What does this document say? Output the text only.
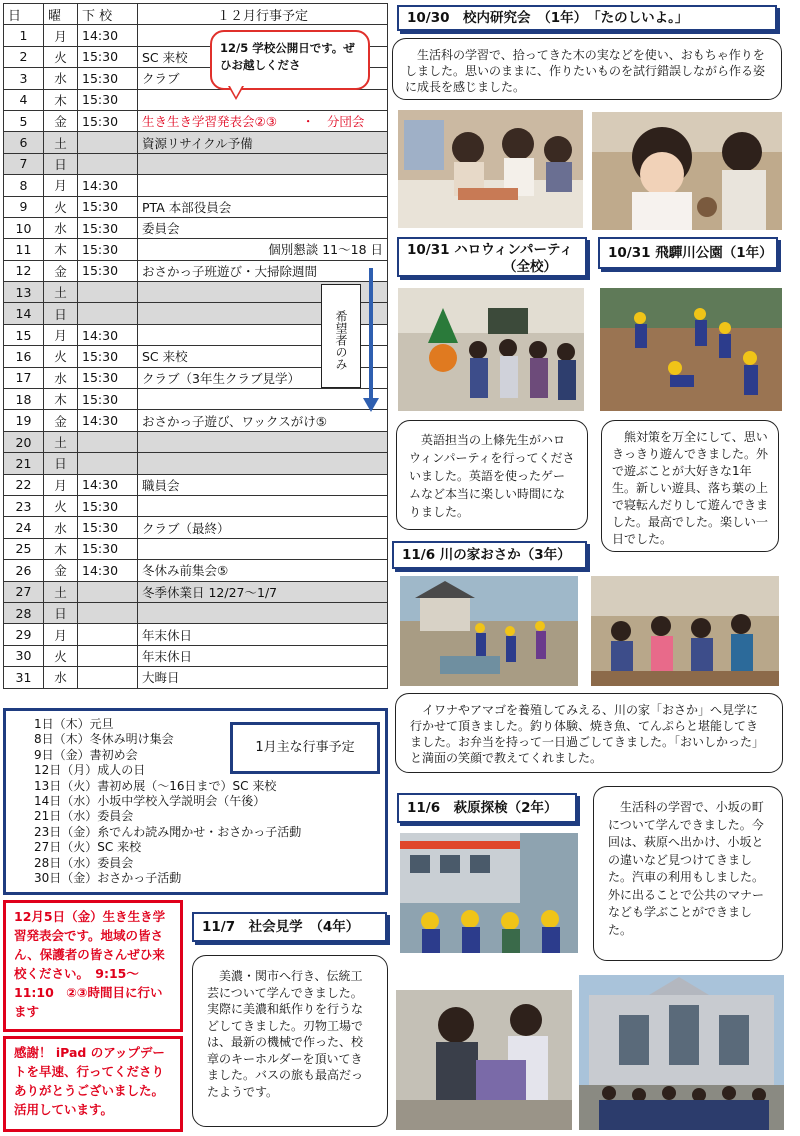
日	曜	下 校	１２月行事予定
1	月	14:30	
2	火	15:30	SC 来校
3	水	15:30	クラブ
4	木	15:30	
5	金	15:30	生き生き学習発表会②③　　・　分団会
6	土		資源リサイクル予備
7	日		
8	月	14:30	
9	火	15:30	PTA 本部役員会
10	水	15:30	委員会
11	木	15:30	個別懇談 11～18 日

12	金	15:30	おさかっ子班遊び・大掃除週間
13	土		
14	日		
15	月	14:30	
16	火	15:30	SC 来校
17	水	15:30	クラブ（3年生クラブ見学）
18	木	15:30	
19	金	14:30	おさかっ子遊び、ワックスがけ⑤
20	土		
21	日		
22	月	14:30	職員会
23	火	15:30	
24	水	15:30	クラブ（最終）
25	木	15:30	
26	金	14:30	冬休み前集会⑤
27	土		冬季休業日 12/27～1/7
28	日		
29	月		年末休日
30	火		年末休日
31	水		大晦日
12/5 学校公開日です。ぜひお越しくださ
希望者のみ
1日（木）元旦
8日（木）冬休み明け集会
9日（金）書初め会
12日（月）成人の日
13日（火）書初め展（～16日まで）SC 来校
14日（水）小坂中学校入学説明会（午後）
21日（水）委員会
23日（金）糸でんわ読み聞かせ・おさかっ子活動
27日（火）SC 来校
28日（水）委員会
30日（金）おさかっ子活動
1月主な行事予定
12月5日（金）生き生き学習発表会です。地域の皆さん、保護者の皆さんぜひ来校ください。　9:15～11:10　②③時間目に行います
感謝！ iPad のアップデートを早速、行ってくださりありがとうございました。活用しています。
10/30　校内研究会　（1年）　「たのしいよ。」
生活科の学習で、拾ってきた木の実などを使い、おもちゃ作りをしました。思いのままに、作りたいものを試行錯誤しながら作る姿に成長を感じました。
10/31 ハロウィンパーティ
（全校）
10/31 飛驒川公園（1年）
英語担当の上條先生がハロウィンパーティを行ってくださいました。英語を使ったゲームなど本当に楽しい時間になりました。
熊対策を万全にして、思いきっきり遊んできました。外で遊ぶことが大好きな1年生。新しい遊具、落ち葉の上で寝転んだりして遊んできました。最高でした。楽しい一日でした。
11/6 川の家おさか（3年）
イワナやアマゴを養殖してみえる、川の家「おさか」へ見学に行かせて頂きました。釣り体験、焼き魚、てんぷらと堪能してきました。お弁当を持って一日過ごしてきました。「おいしかった」と満面の笑顔で教えてくれました。
11/6　萩原探検（2年）	生活科の学習で、小坂の町について学んできました。今回は、萩原へ出かけ、小坂との違いなど見つけてきました。汽車の利用もしました。外に出ることで公共のマナーなども学ぶことができました。
11/7　社会見学　（4年）
美濃・関市へ行き、伝統工芸について学んできました。実際に美濃和紙作りを行うなどしてきました。刃物工場では、最新の機械で作った、校章のキーホルダーを頂いてきました。バスの旅も最高だったようです。
